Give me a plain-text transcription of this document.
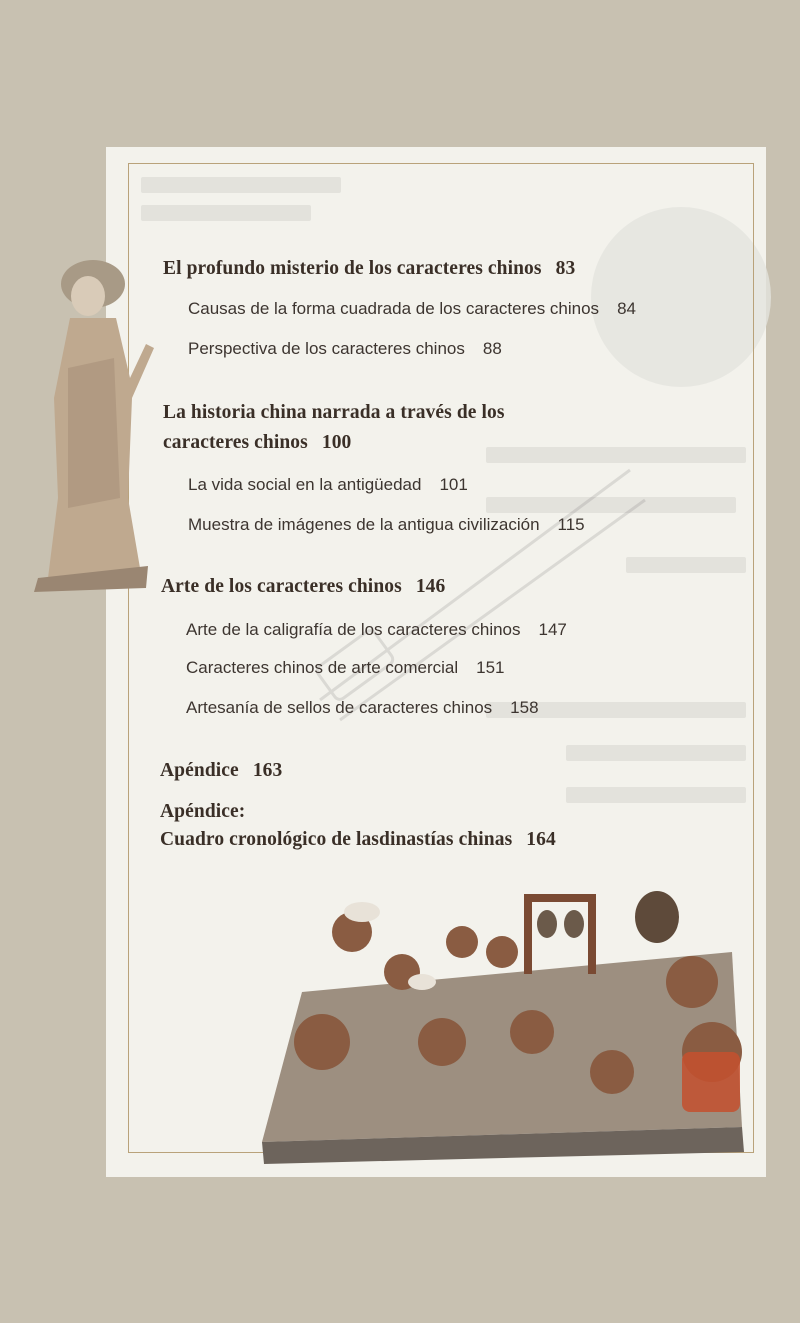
El profundo misterio de los caracteres chinos 83
Causas de la forma cuadrada de los caracteres chinos 84
Perspectiva de los caracteres chinos 88
La historia china narrada a través de los
caracteres chinos 100
La vida social en la antigüedad 101
Muestra de imágenes de la antigua civilización 115
Arte de los caracteres chinos 146
Arte de la caligrafía de los caracteres chinos 147
Caracteres chinos de arte comercial 151
Artesanía de sellos de caracteres chinos 158
Apéndice 163
Apéndice:
Cuadro cronológico de lasdinastías chinas 164
